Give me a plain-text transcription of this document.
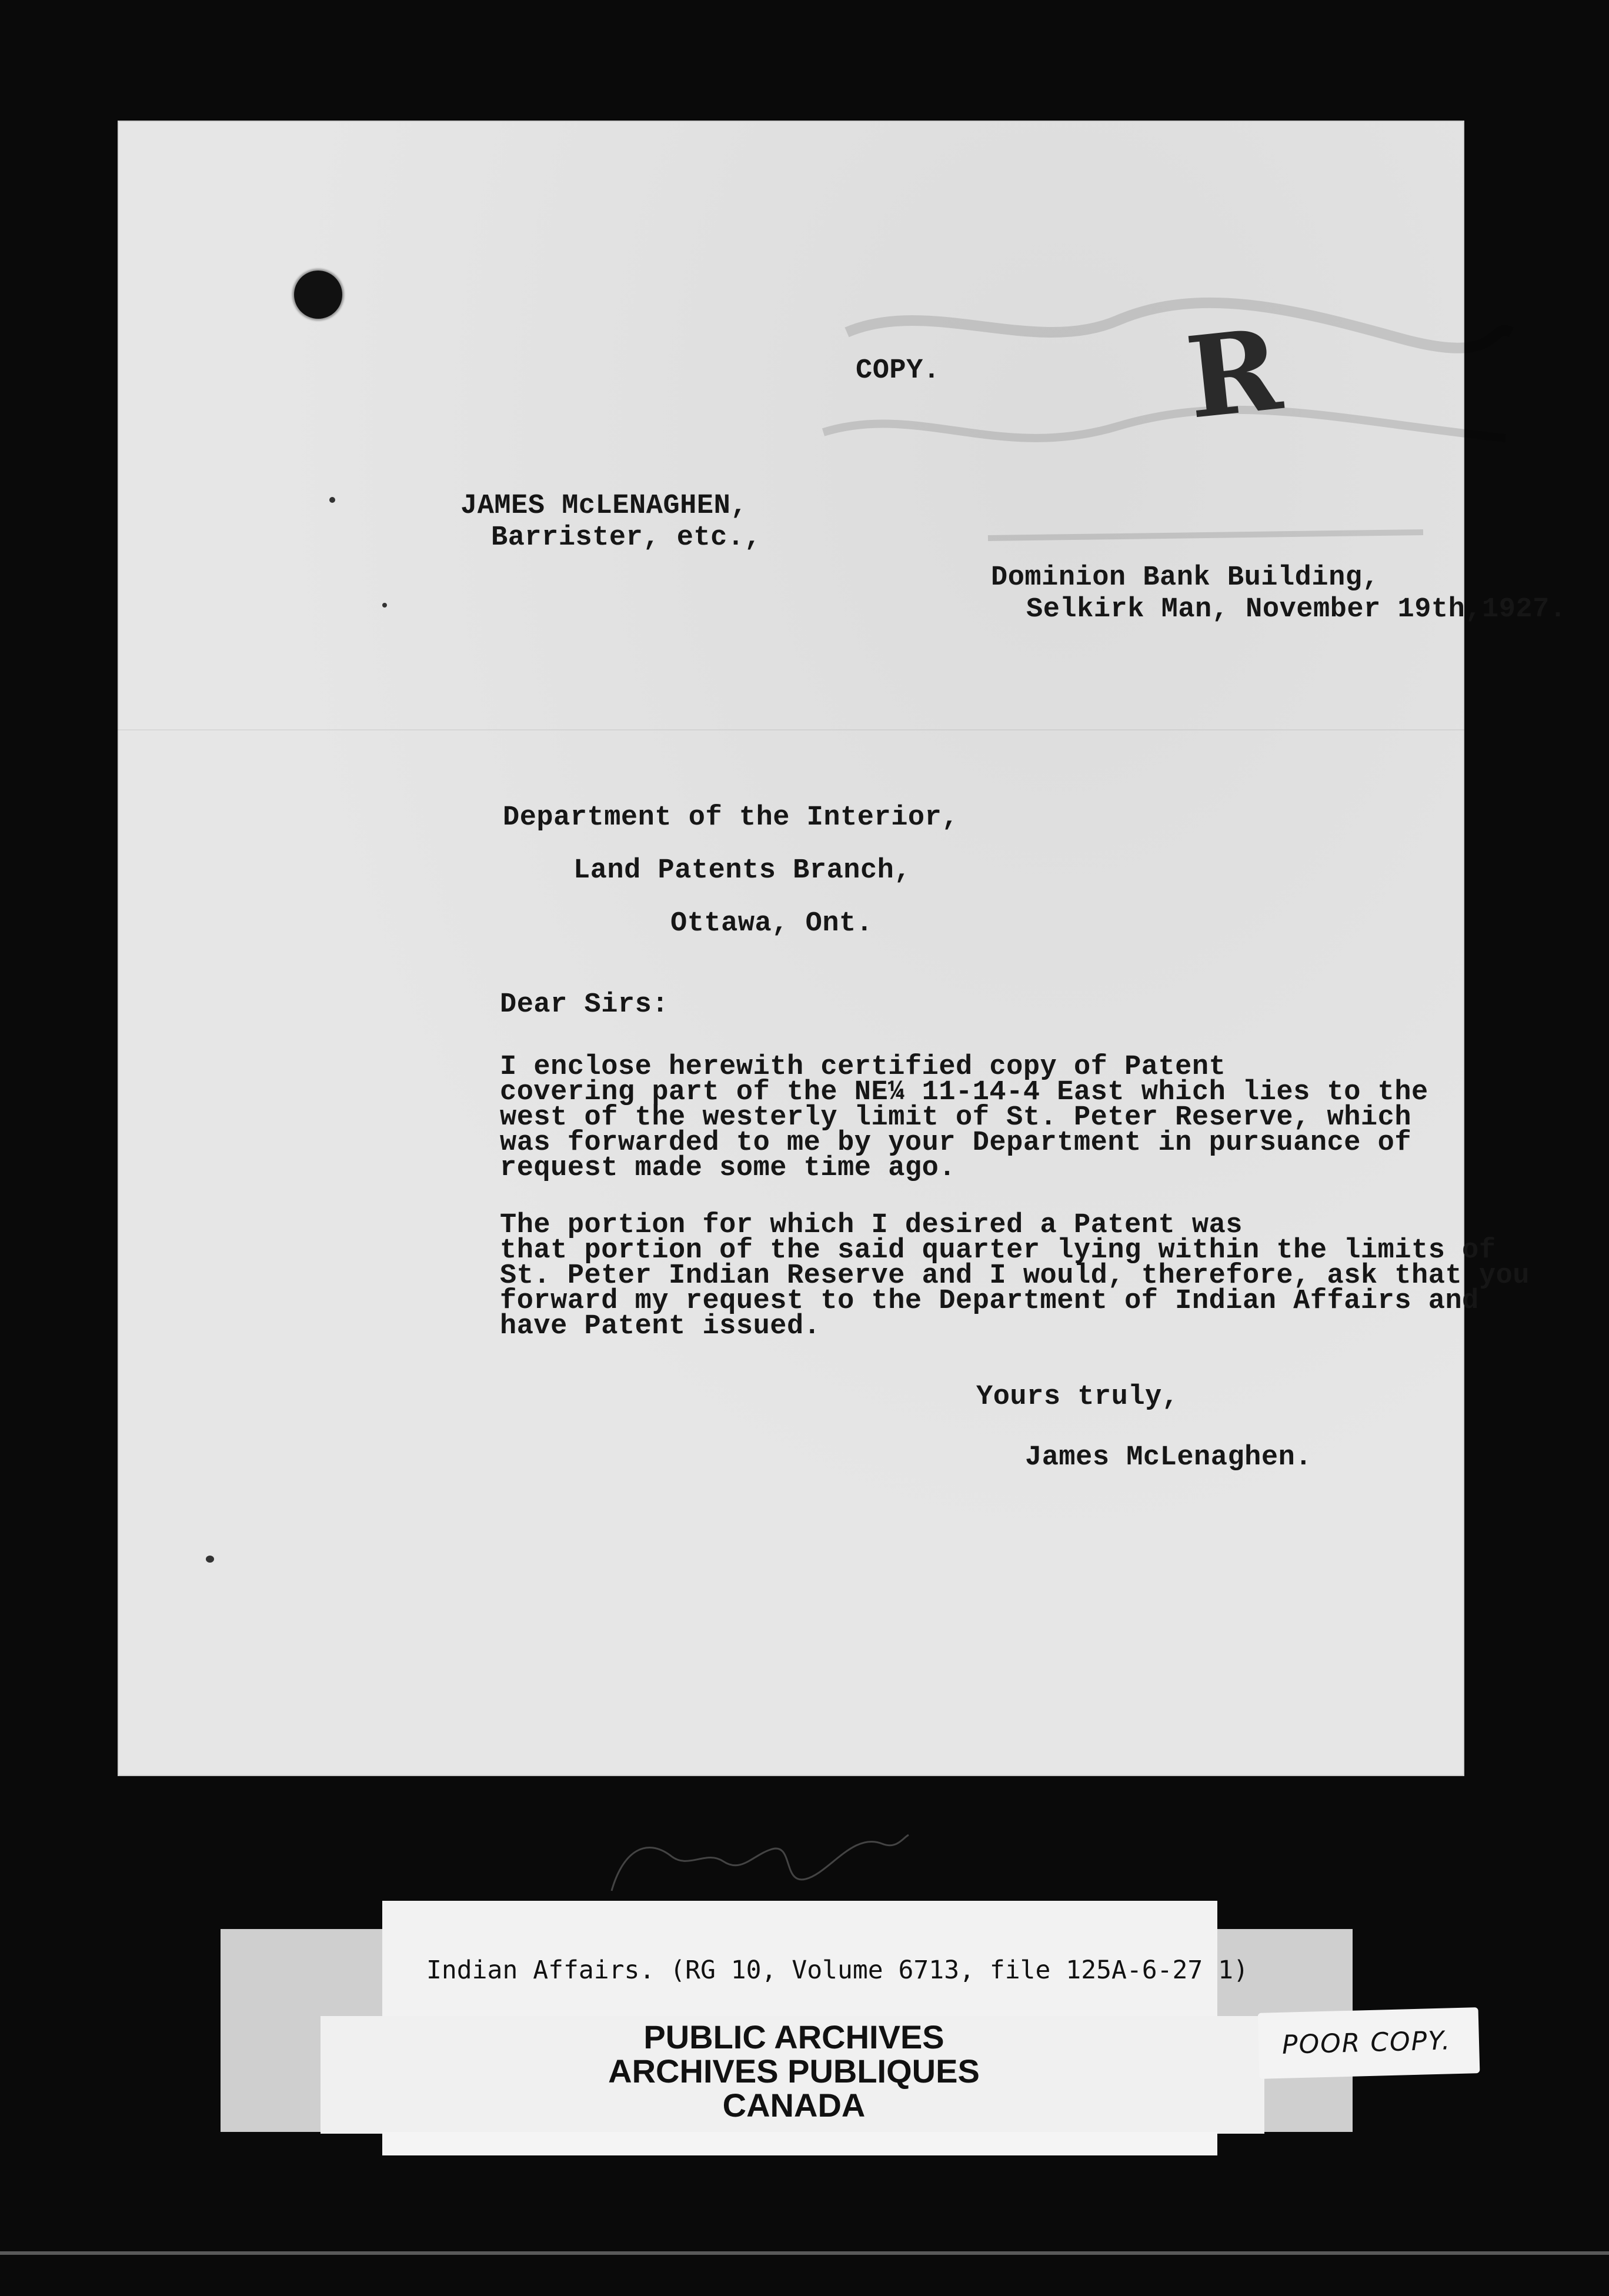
R
COPY.
JAMES McLENAGHEN,
Barrister, etc.,
Dominion Bank Building,
Selkirk Man, November 19th,1927.
Department of the Interior,
Land Patents Branch,
Ottawa, Ont.
Dear Sirs:
I enclose herewith certified copy of Patent
covering part of the NE¼ 11-14-4 East which lies to the
west of the westerly limit of St. Peter Reserve, which
was forwarded to me by your Department in pursuance of
request made some time ago.
The portion for which I desired a Patent was
that portion of the said quarter lying within the limits of
St. Peter Indian Reserve and I would, therefore, ask that you
forward my request to the Department of Indian Affairs and
have Patent issued.
Yours truly,
James McLenaghen.
Indian Affairs. (RG 10, Volume 6713, file 125A-6-27 1)
PUBLIC ARCHIVES
ARCHIVES PUBLIQUES
CANADA
POOR COPY.
